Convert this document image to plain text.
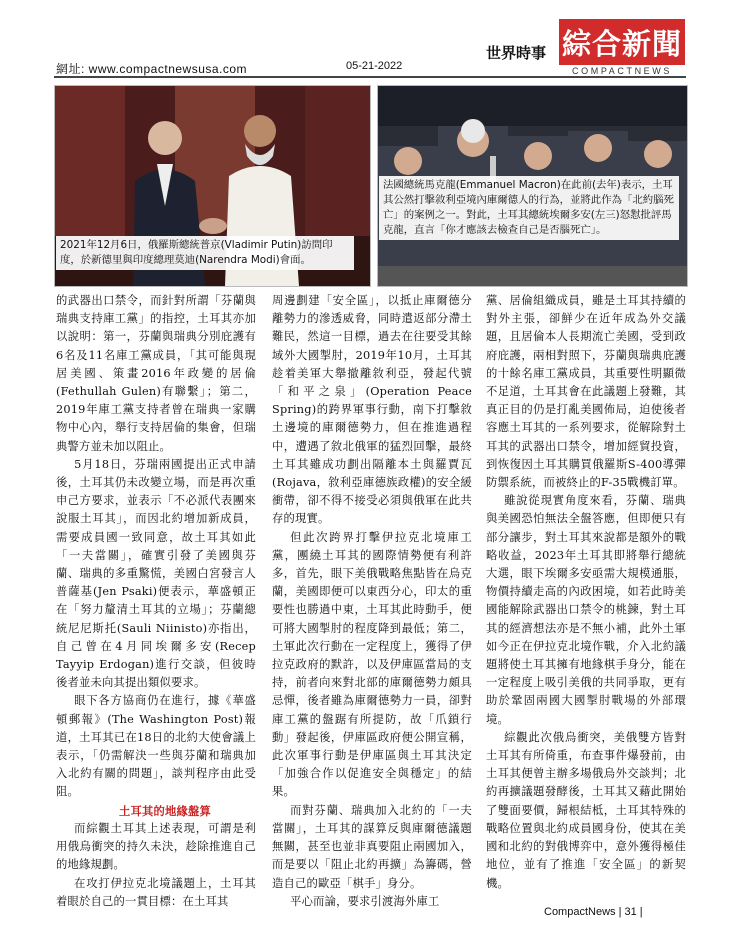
網址: www.compactnewsusa.com	05-21-2022
世界時事 綜合新聞
COMPACTNEWS
2021年12月6日，俄羅斯總統普京(Vladimir Putin)訪問印度，於新德里與印度總理莫迪(Narendra Modi)會面。
法國總統馬克龍(Emmanuel Macron)在此前(去年)表示，土耳其公然打擊敘利亞境內庫爾德人的行為，並將此作為「北約腦死亡」的案例之一。對此，土耳其總統埃爾多安(左三)怒懟批評馬克龍，直言「你才應該去檢查自己是否腦死亡」。

的武器出口禁令，而針對所謂「芬蘭與瑞典支持庫工黨」的指控，土耳其亦加以說明：第一，芬蘭與瑞典分別庇護有6名及11名庫工黨成員，「其可能與現居美國、策畫2016年政變的居倫(Fethullah Gulen)有聯繫」；第二，2019年庫工黨支持者曾在瑞典一家購物中心內，舉行支持居倫的集會，但瑞典警方並未加以阻止。

5月18日，芬瑞兩國提出正式申請後，土耳其仍未改變立場，而是再次重申己方要求，並表示「不必派代表團來說服土耳其」，而因北約增加新成員，需要成員國一致同意，故土耳其如此「一夫當關」，確實引發了美國與芬蘭、瑞典的多重驚慌，美國白宮發言人普薩基(Jen Psaki)便表示，華盛頓正在「努力釐清土耳其的立場」；芬蘭總統尼尼斯托(Sauli Niinisto)亦指出，自己曾在4月同埃爾多安(Recep Tayyip Erdogan)進行交談，但彼時後者並未向其提出類似要求。

眼下各方協商仍在進行，據《華盛頓郵報》(The Washington Post)報道，土耳其已在18日的北約大使會議上表示，「仍需解決一些與芬蘭和瑞典加入北約有關的問題」，談判程序由此受阻。

土耳其的地緣盤算

而綜觀土耳其上述表現，可謂是利用俄烏衝突的持久未決，趁除推進自己的地緣規劃。

在攻打伊拉克北境議題上，土耳其着眼於自己的一貫目標：在土耳其

周邊劃建「安全區」，以抵止庫爾德分離勢力的滲透威脅，同時遣返部分滯土難民，然這一目標，過去在往要受其餘域外大國掣肘，2019年10月，土耳其趁着美軍大舉撤離敘利亞，發起代號「和平之泉」(Operation Peace Spring)的跨界軍事行動，南下打擊敘土邊境的庫爾德勢力，但在推進過程中，遭遇了敘北俄軍的猛烈回擊，最終土耳其雖成功劃出隔離本土與羅賈瓦(Rojava，敘利亞庫德族政權)的安全緩衝帶，卻不得不接受必須與俄軍在此共存的現實。

但此次跨界打擊伊拉克北境庫工黨，團繞土耳其的國際情勢便有利許多，首先，眼下美俄戰略焦點皆在烏克蘭，美國即便可以東西分心，印太的重要性也勝過中東，土耳其此時動手，便可將大國掣肘的程度降到最低；第二，土軍此次行動在一定程度上，獲得了伊拉克政府的默許，以及伊庫區當局的支持，前者向來對北部的庫爾德勢力頗具忌憚，後者雖為庫爾德勢力一員，卻對庫工黨的盤踞有所提防，故「爪鎖行動」發起後，伊庫區政府便公開宣稱，此次軍事行動是伊庫區與土耳其決定「加強合作以促進安全與穩定」的結果。

而對芬蘭、瑞典加入北約的「一夫當關」，土耳其的謀算反與庫爾德議題無關，甚至也並非真要阻止兩國加入，而是要以「阻止北約再擴」為籌碼，營造自己的歐亞「棋手」身分。

平心而論，要求引渡海外庫工

黨、居倫組織成員，雖是土耳其持續的對外主張，卻鮮少在近年成為外交議題，且居倫本人長期流亡美國，受到政府庇護，兩相對照下，芬蘭與瑞典庇護的十餘名庫工黨成員，其重要性明顯微不足道，土耳其會在此議題上發難，其真正目的仍是打亂美國佈局，迫使後者容應土耳其的一系列要求，從解除對土耳其的武器出口禁令，增加經貿投資，到恢復因土耳其購買俄羅斯S-400導彈防禦系統，而被終止的F-35戰機訂單。

雖說從現實角度來看，芬蘭、瑞典與美國恐怕無法全盤答應，但即便只有部分讓步，對土耳其來說都是額外的戰略收益，2023年土耳其即將舉行總統大選，眼下埃爾多安亟需大規模通脹，物價持續走高的內政困境，如若此時美國能解除武器出口禁令的桃鍊，對土耳其的經濟想法亦是不無小補，此外土軍如今正在伊拉克北境作戰，介入北約議題將使土耳其擁有地緣棋手身分，能在一定程度上吸引美俄的共同爭取，更有助於鞏固兩國大國掣肘戰場的外部環境。

綜觀此次俄烏衝突，美俄雙方皆對土耳其有所倚重，布查事件爆發前，由土耳其便曾主辦多場俄烏外交談判；北約再擴議題發酵後，土耳其又藉此開始了雙面要價，歸根結柢，土耳其特殊的戰略位置與北約成員國身份，使其在美國和北約的對俄博弈中，意外獲得極佳地位，並有了推進「安全區」的新契機。

CompactNews | 31 |
